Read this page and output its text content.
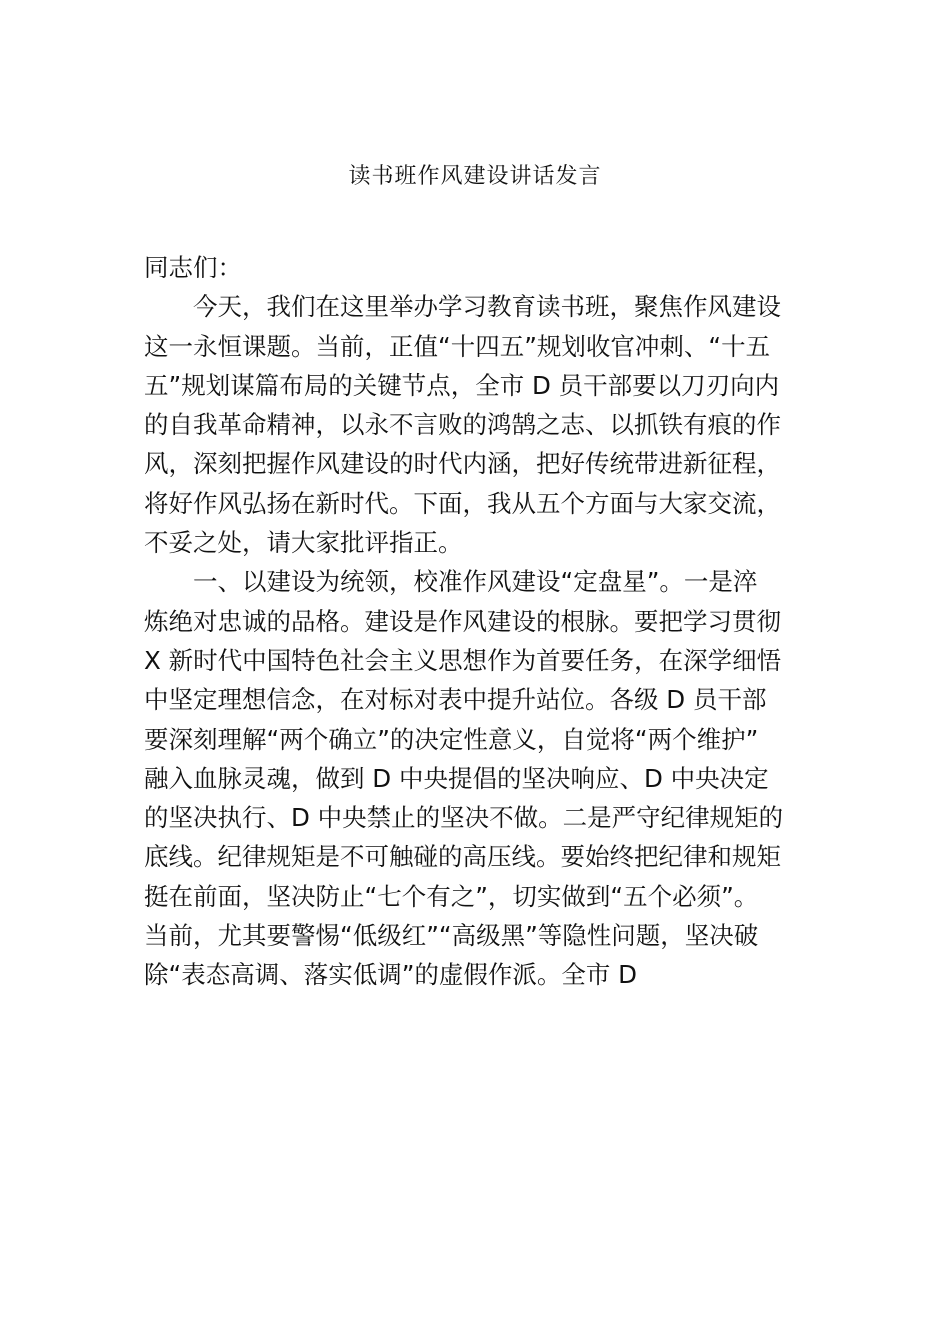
读书班作风建设讲话发言
同志们：
今天，我们在这里举办学习教育读书班，聚焦作风建设
这一永恒课题。当前，正值“十四五”规划收官冲刺、“十五
五”规划谋篇布局的关键节点，全市 D 员干部要以刀刃向内
的自我革命精神，以永不言败的鸿鹄之志、以抓铁有痕的作
风，深刻把握作风建设的时代内涵，把好传统带进新征程，
将好作风弘扬在新时代。下面，我从五个方面与大家交流，
不妥之处，请大家批评指正。
一、以建设为统领，校准作风建设“定盘星”。一是淬
炼绝对忠诚的品格。建设是作风建设的根脉。要把学习贯彻
X 新时代中国特色社会主义思想作为首要任务，在深学细悟
中坚定理想信念，在对标对表中提升站位。各级 D 员干部
要深刻理解“两个确立”的决定性意义，自觉将“两个维护”
融入血脉灵魂，做到 D 中央提倡的坚决响应、D 中央决定
的坚决执行、D 中央禁止的坚决不做。二是严守纪律规矩的
底线。纪律规矩是不可触碰的高压线。要始终把纪律和规矩
挺在前面，坚决防止“七个有之”，切实做到“五个必须”。
当前，尤其要警惕“低级红”“高级黑”等隐性问题，坚决破
除“表态高调、落实低调”的虚假作派。全市 D
